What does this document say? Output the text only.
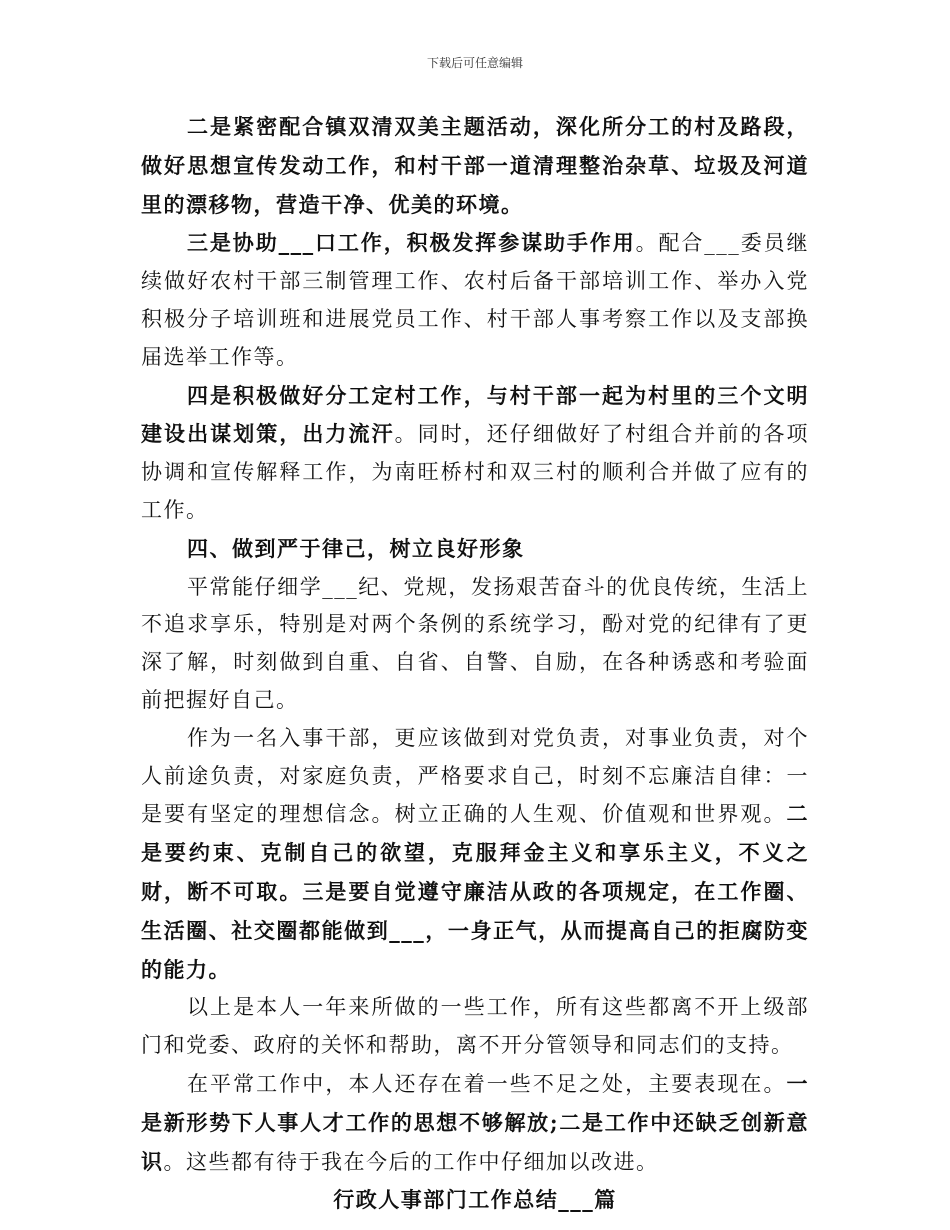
下载后可任意编辑

二是紧密配合镇双清双美主题活动，深化所分工的村及路段，做好思想宣传发动工作，和村干部一道清理整治杂草、垃圾及河道里的漂移物，营造干净、优美的环境。

三是协助___口工作，积极发挥参谋助手作用。配合___委员继续做好农村干部三制管理工作、农村后备干部培训工作、举办入党积极分子培训班和进展党员工作、村干部人事考察工作以及支部换届选举工作等。

四是积极做好分工定村工作，与村干部一起为村里的三个文明建设出谋划策，出力流汗。同时，还仔细做好了村组合并前的各项协调和宣传解释工作，为南旺桥村和双三村的顺利合并做了应有的工作。

四、做到严于律己，树立良好形象

平常能仔细学___纪、党规，发扬艰苦奋斗的优良传统，生活上不追求享乐，特别是对两个条例的系统学习，酚对党的纪律有了更深了解，时刻做到自重、自省、自警、自励，在各种诱惑和考验面前把握好自己。

作为一名入事干部，更应该做到对党负责，对事业负责，对个人前途负责，对家庭负责，严格要求自己，时刻不忘廉洁自律：一是要有坚定的理想信念。树立正确的人生观、价值观和世界观。二是要约束、克制自己的欲望，克服拜金主义和享乐主义，不义之财，断不可取。三是要自觉遵守廉洁从政的各项规定，在工作圈、生活圈、社交圈都能做到___，一身正气，从而提高自己的拒腐防变的能力。

以上是本人一年来所做的一些工作，所有这些都离不开上级部门和党委、政府的关怀和帮助，离不开分管领导和同志们的支持。

在平常工作中，本人还存在着一些不足之处，主要表现在。一是新形势下人事人才工作的思想不够解放;二是工作中还缺乏创新意识。这些都有待于我在今后的工作中仔细加以改进。

行政人事部门工作总结___篇
